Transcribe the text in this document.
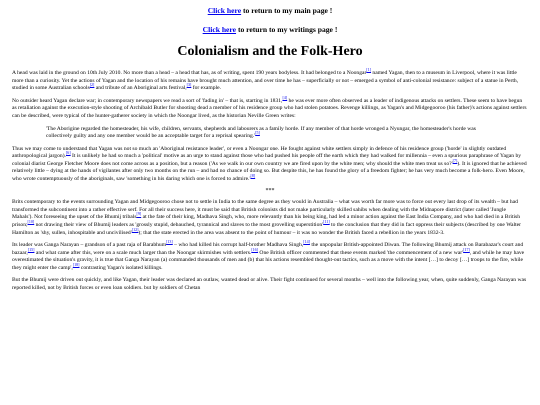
Click here to return to my main page !

Click here to return to my writings page !

Colonialism and the Folk-Hero

A head was laid in the ground on 10th July 2010. No more than a head – a head that has, as of writing, spent 190 years bodyless. It had belonged to a Noongar[1] named Yagan, then to a museum in Liverpool, where it was little more than a curiosity. Yet the actions of Yagan and the location of his remains have brought much attention, and over time he has – superficially or not – emerged a symbol of anti-colonial resistance: subject of a statue in Perth, studied in some Australian schools[2] and tribute of an Aboriginal arts festival,[3] for example.

No outsider heard Yagan declare war; in contemporary newspapers we read a sort of 'fading in' – that is, starting in 1831,[4] he was ever more often observed as a leader of indigenous attacks on settlers. These seem to have begun as retaliation against the execution-style shooting of Archibald Butler for shooting dead a member of his residence group who had stolen potatoes. Revenge killings, as Yagan's and Midgegooroo (his father)'s actions against settlers can be described, were typical of the hunter-gatherer society in which the Noongar lived, as the historian Neville Green writes:

'The Aborigine regarded the homesteader, his wife, children, servants, shepherds and labourers as a family horde. If any member of that horde wronged a Nyungar, the homesteader's horde was collectively guilty and any one member would be an acceptable target for a reprisal spearing.'[5]

Thus we may come to understand that Yagan was not so much an 'Aboriginal resistance leader', or even a Noongar one. He fought against white settlers simply in defence of his residence group ('horde' in slightly outdated anthropological jargon).[6] It is unlikely he had so much a 'political' motive as an urge to stand against those who had pushed his people off the earth which they had walked for millennia – even a spurious paraphrase of Yagan by colonial diarist George Fletcher Moore does not come across as a position, but a reason ('As we walk in our own country we are fired upon by the white men; why should the white men treat us so?'[7]). It is ignored that he achieved relatively little – dying at the hands of vigilantes after only two months on the run – and had no chance of doing so. But despite this, he has found the glory of a freedom fighter; he has very much become a folk-hero. Even Moore, who wrote contemptuously of the aboriginals, saw 'something in his daring which one is forced to admire.'[8]

***

Brits contemporary to the events surrounding Yagan and Midgegooroo chose not to settle in India to the same degree as they would in Australia – what was worth far more was to force out every last drop of its wealth – but had transformed the subcontinent into a rather effective serf. For all their success here, it must be said that British colonists did not make particularly skilled sahibs when dealing with the Midnapore district (later called 'Jungle Mahals'). Not foreseeing the upset of the Bhumij tribals[9] at the fate of their king, Madhava Singh, who, more relevantly than his being king, had led a minor action against the East India Company, and who had died in a British prison;[10] not drawing their view of Bhumij leaders as 'grossly stupid, debauched, tyrannical and slaves to the most grovelling superstition'[11] to the conclusion that they did in fact oppress their subjects (described by one Walter Hamilton as 'shy, sullen, inhospitable and uncivilised'[12]); that the state erected in the area was absent to the point of humour – it was no wonder the British faced a rebellion in the years 1832-3.

Its leader was Ganga Narayan – grandson of a past raja of Barabhum[13] – who had killed his corrupt half-brother Madhava Singh,[14] the unpopular British-appointed Diwan. The following Bhumij attack on Barabazar's court and bazaar,[15] and what came after this, were on a scale much larger than the Noongar skirmishes with settlers.[16] One British officer commented that these events marked 'the commencement of a new war'[17], and while he may have overestimated the situation's gravity, it is true that Ganga Narayan (a) commanded thousands of men and (b) that his actions resembled thought-out tactics, such as a move with the intent […] to decoy […] troops to the fire, while they might enter the camp',[18] contrasting Yagan's isolated killings.

But the Bhumij were driven out quickly, and like Yagan, their leader was declared an outlaw, wanted dead or alive. Their fight continued for several months – well into the following year, when, quite suddenly, Ganga Narayan was reported killed, not by British forces or even loan soldiers. but by soldiers of Chetan
